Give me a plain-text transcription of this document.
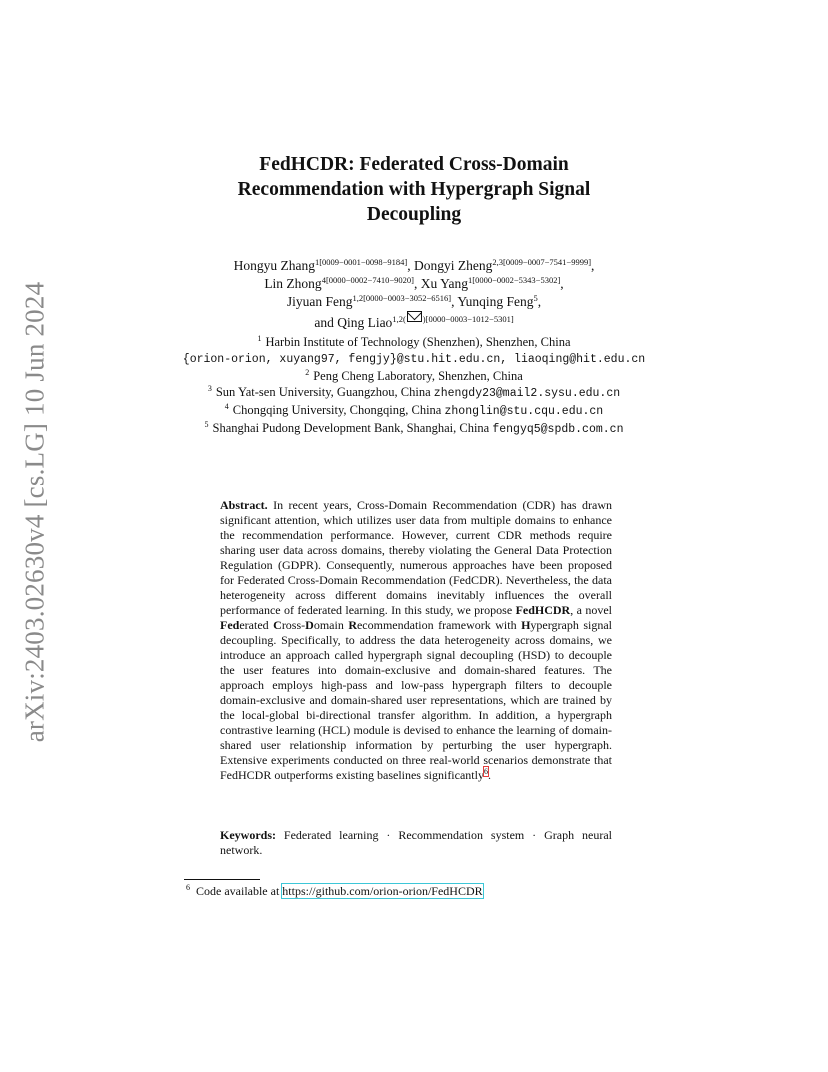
arXiv:2403.02630v4 [cs.LG] 10 Jun 2024
FedHCDR: Federated Cross-Domain
Recommendation with Hypergraph Signal
Decoupling
Hongyu Zhang$^{1[0009-0001-0098-9184]}$, Dongyi Zheng$^{2,3[0009-0007-7541-9999]}$,
Lin Zhong$^{4[0000-0002-7410-9020]}$, Xu Yang$^{1[0000-0002-5343-5302]}$,
Jiyuan Feng$^{1,2[0000-0003-3052-6516]}$, Yunqing Feng$^5$,
and Qing Liao$^{1,2( )[0000-0003-1012-5301]}$
$^1$ Harbin Institute of Technology (Shenzhen), Shenzhen, China
{orion-orion, xuyang97, fengjy}@stu.hit.edu.cn, liaoqing@hit.edu.cn
$^2$ Peng Cheng Laboratory, Shenzhen, China
$^3$ Sun Yat-sen University, Guangzhou, China zhengdy23@mail2.sysu.edu.cn
$^4$ Chongqing University, Chongqing, China zhonglin@stu.cqu.edu.cn
$^5$ Shanghai Pudong Development Bank, Shanghai, China fengyq5@spdb.com.cn
Abstract. In recent years, Cross-Domain Recommendation (CDR) has drawn significant attention, which utilizes user data from multiple domains to enhance the recommendation performance. However, current CDR methods require sharing user data across domains, thereby violating the General Data Protection Regulation (GDPR). Consequently, numerous approaches have been proposed for Federated Cross-Domain Recommendation (FedCDR). Nevertheless, the data heterogeneity across different domains inevitably influences the overall performance of federated learning. In this study, we propose FedHCDR, a novel Federated Cross-Domain Recommendation framework with Hypergraph signal decoupling. Specifically, to address the data heterogeneity across domains, we introduce an approach called hypergraph signal decoupling (HSD) to decouple the user features into domain-exclusive and domain-shared features. The approach employs high-pass and low-pass hypergraph filters to decouple domain-exclusive and domain-shared user representations, which are trained by the local-global bi-directional transfer algorithm. In addition, a hypergraph contrastive learning (HCL) module is devised to enhance the learning of domain-shared user relationship information by perturbing the user hypergraph. Extensive experiments conducted on three real-world scenarios demonstrate that FedHCDR outperforms existing baselines significantly$^6$.
Keywords: Federated learning · Recommendation system · Graph neural network.
$^6$ Code available at https://github.com/orion-orion/FedHCDR
